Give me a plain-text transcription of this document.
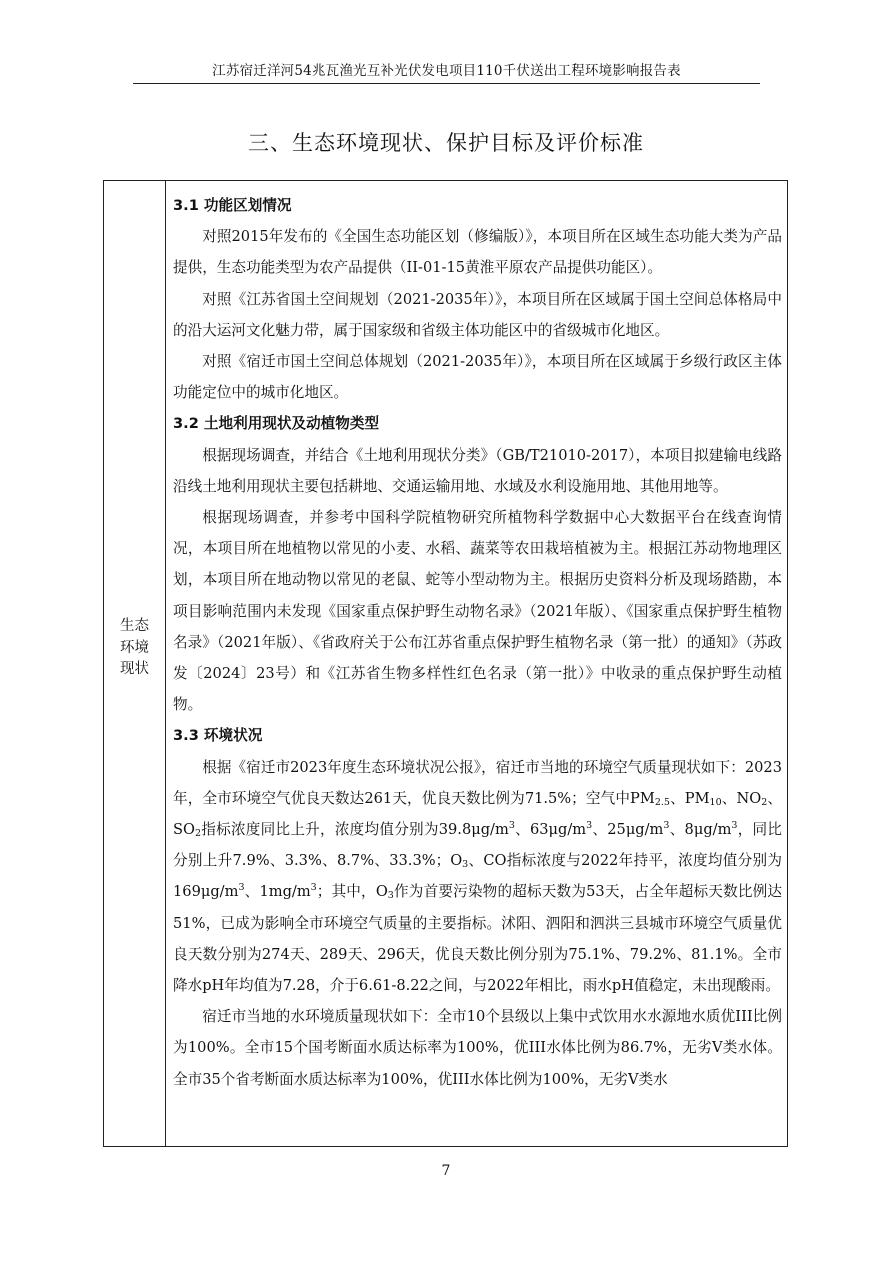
江苏宿迁洋河54兆瓦渔光互补光伏发电项目110千伏送出工程环境影响报告表
三、生态环境现状、保护目标及评价标准
生态
环境
现状
3.1 功能区划情况

对照2015年发布的《全国生态功能区划（修编版）》，本项目所在区域生态功能大类为产品提供，生态功能类型为农产品提供（II-01-15黄淮平原农产品提供功能区）。

对照《江苏省国土空间规划（2021-2035年）》，本项目所在区域属于国土空间总体格局中的沿大运河文化魅力带，属于国家级和省级主体功能区中的省级城市化地区。

对照《宿迁市国土空间总体规划（2021-2035年）》，本项目所在区域属于乡级行政区主体功能定位中的城市化地区。

3.2 土地利用现状及动植物类型

根据现场调查，并结合《土地利用现状分类》（GB/T21010-2017），本项目拟建输电线路沿线土地利用现状主要包括耕地、交通运输用地、水域及水利设施用地、其他用地等。

根据现场调查，并参考中国科学院植物研究所植物科学数据中心大数据平台在线查询情况，本项目所在地植物以常见的小麦、水稻、蔬菜等农田栽培植被为主。根据江苏动物地理区划，本项目所在地动物以常见的老鼠、蛇等小型动物为主。根据历史资料分析及现场踏勘，本项目影响范围内未发现《国家重点保护野生动物名录》（2021年版）、《国家重点保护野生植物名录》（2021年版）、《省政府关于公布江苏省重点保护野生植物名录（第一批）的通知》（苏政发〔2024〕23号）和《江苏省生物多样性红色名录（第一批）》中收录的重点保护野生动植物。

3.3 环境状况

根据《宿迁市2023年度生态环境状况公报》，宿迁市当地的环境空气质量现状如下：2023年，全市环境空气优良天数达261天，优良天数比例为71.5%；空气中$PM_{2.5}$、$PM_{10}$、$NO_2$、$SO_2$指标浓度同比上升，浓度均值分别为$39.8\mu g/m^3$、$63\mu g/m^3$、$25\mu g/m^3$、$8\mu g/m^3$，同比分别上升7.9%、3.3%、8.7%、33.3%；$O_3$、CO指标浓度与2022年持平，浓度均值分别为$169\mu g/m^3$、$1mg/m^3$；其中，$O_3$作为首要污染物的超标天数为53天，占全年超标天数比例达51%，已成为影响全市环境空气质量的主要指标。沭阳、泗阳和泗洪三县城市环境空气质量优良天数分别为274天、289天、296天，优良天数比例分别为75.1%、79.2%、81.1%。全市降水pH年均值为7.28，介于6.61-8.22之间，与2022年相比，雨水pH值稳定，未出现酸雨。

宿迁市当地的水环境质量现状如下：全市10个县级以上集中式饮用水水源地水质优III比例为100%。全市15个国考断面水质达标率为100%，优III水体比例为86.7%，无劣V类水体。全市35个省考断面水质达标率为100%，优III水体比例为100%，无劣V类水

7
